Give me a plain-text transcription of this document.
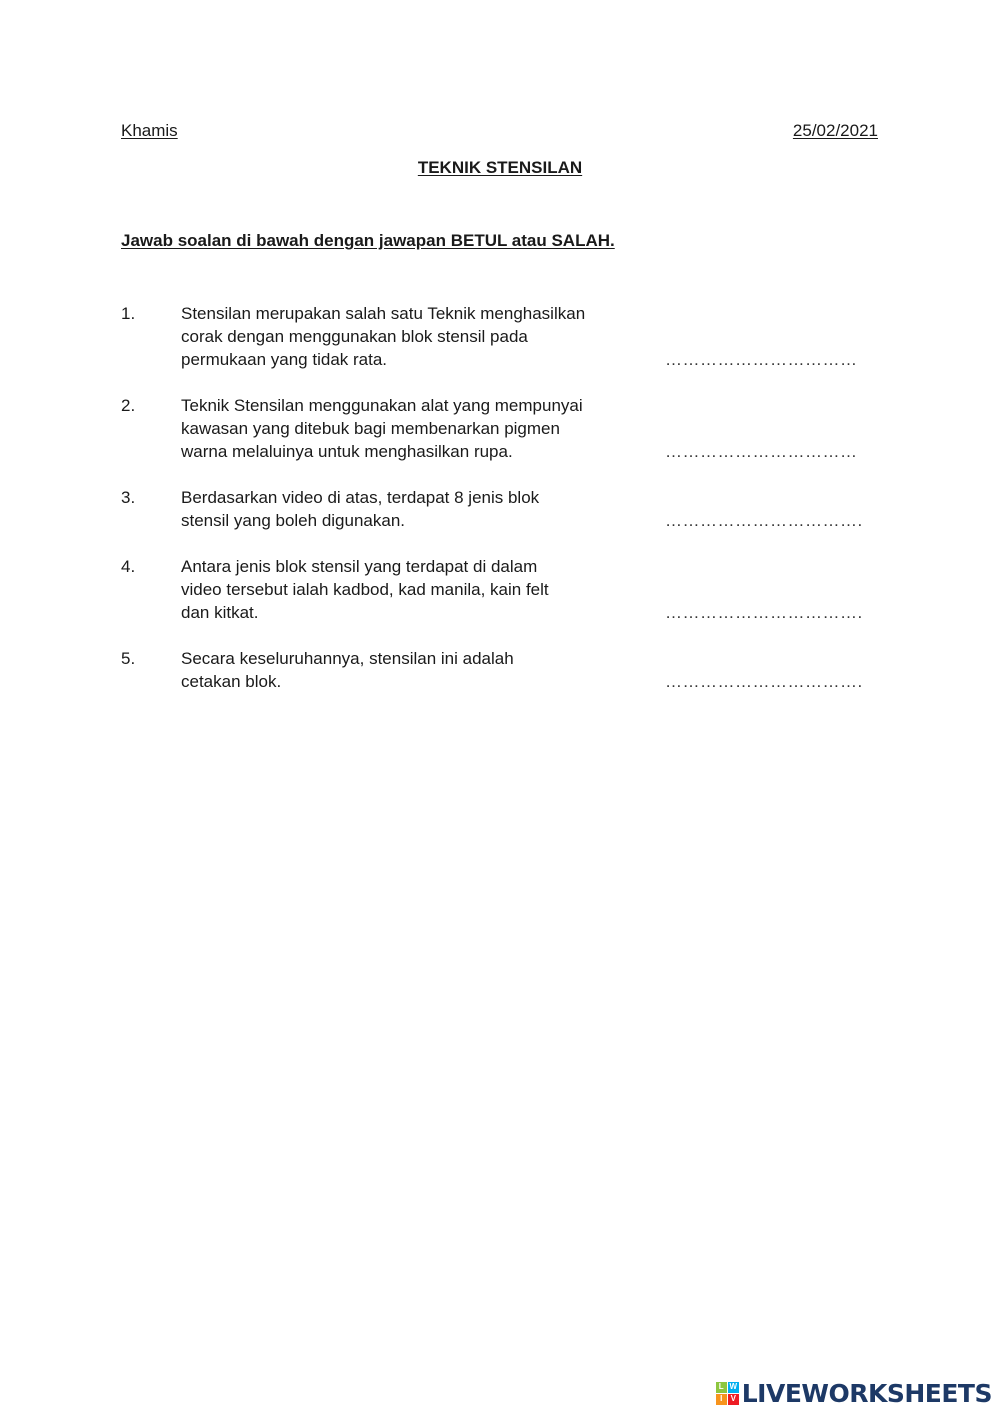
Khamis	25/02/2021
TEKNIK STENSILAN
Jawab soalan di bawah dengan jawapan BETUL atau SALAH.
1.	Stensilan merupakan salah satu Teknik menghasilkan
corak dengan menggunakan blok stensil pada
permukaan yang tidak rata.	……………………………
2.	Teknik Stensilan menggunakan alat yang mempunyai
kawasan yang ditebuk bagi membenarkan pigmen
warna melaluinya untuk menghasilkan rupa.	……………………………
3.	Berdasarkan video di atas, terdapat 8 jenis blok
stensil yang boleh digunakan.	…………………………….
4.	Antara jenis blok stensil yang terdapat di dalam
video tersebut ialah kadbod, kad manila, kain felt
dan kitkat.	…………………………….
5.	Secara keseluruhannya, stensilan ini adalah
cetakan blok.	…………………………….
L W
I	V LIVEWORKSHEETS
